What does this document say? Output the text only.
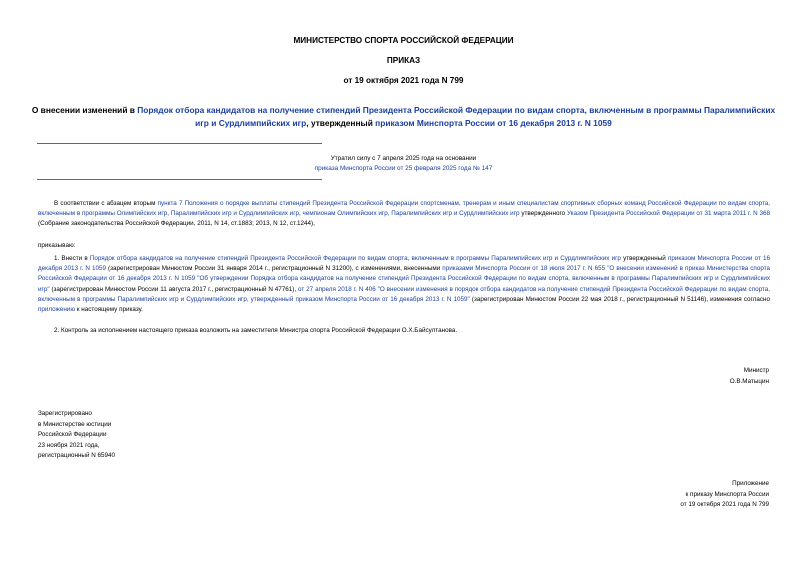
МИНИСТЕРСТВО СПОРТА РОССИЙСКОЙ ФЕДЕРАЦИИ
ПРИКАЗ
от 19 октября 2021 года N 799
О внесении изменений в Порядок отбора кандидатов на получение стипендий Президента Российской Федерации по видам спорта, включенным в программы Паралимпийских игр и Сурдлимпийских игр, утвержденный приказом Минспорта России от 16 декабря 2013 г. N 1059
Утратил силу с 7 апреля 2025 года на основании
приказа Минспорта России от 25 февраля 2025 года № 147
В соответствии с абзацем вторым пункта 7 Положения о порядке выплаты стипендий Президента Российской Федерации спортсменам, тренерам и иным специалистам спортивных сборных команд Российской Федерации по видам спорта, включенным в программы Олимпийских игр, Паралимпийских игр и Сурдлимпийских игр, чемпионам Олимпийских игр, Паралимпийских игр и Сурдлимпийских игр утвержденного Указом Президента Российской Федерации от 31 марта 2011 г. N 368 (Собрание законодательства Российской Федерации, 2011, N 14, ст.1883; 2013, N 12, ст.1244),
приказываю:
1. Внести в Порядок отбора кандидатов на получение стипендий Президента Российской Федерации по видам спорта, включенным в программы Паралимпийских игр и Сурдлимпийских игр утвержденный приказом Минспорта России от 16 декабря 2013 г. N 1059 (зарегистрирован Минюстом России 31 января 2014 г., регистрационный N 31200), с изменениями, внесенными приказами Минспорта России от 18 июля 2017 г. N 655 "О внесении изменений в приказ Министерства спорта Российской Федерации от 16 декабря 2013 г. N 1059 "Об утверждении Порядка отбора кандидатов на получение стипендий Президента Российской Федерации по видам спорта, включенным в программы Паралимпийских игр и Сурдлимпийских игр" (зарегистрирован Минюстом России 11 августа 2017 г., регистрационный N 47761), от 27 апреля 2018 г. N 406 "О внесении изменения в порядок отбора кандидатов на получение стипендий Президента Российской Федерации по видам спорта, включенным в программы Паралимпийских игр и Сурдлимпийских игр, утвержденный приказом Минспорта России от 16 декабря 2013 г. N 1059" (зарегистрирован Минюстом России 22 мая 2018 г., регистрационный N 51146), изменения согласно приложению к настоящему приказу.
2. Контроль за исполнением настоящего приказа возложить на заместителя Министра спорта Российской Федерации О.Х.Байсултанова.
Министр
О.В.Матыцин
Зарегистрировано
в Министерстве юстиции
Российской Федерации
23 ноября 2021 года,
регистрационный N 65940
Приложение
к приказу Минспорта России
от 19 октября 2021 года N 799
